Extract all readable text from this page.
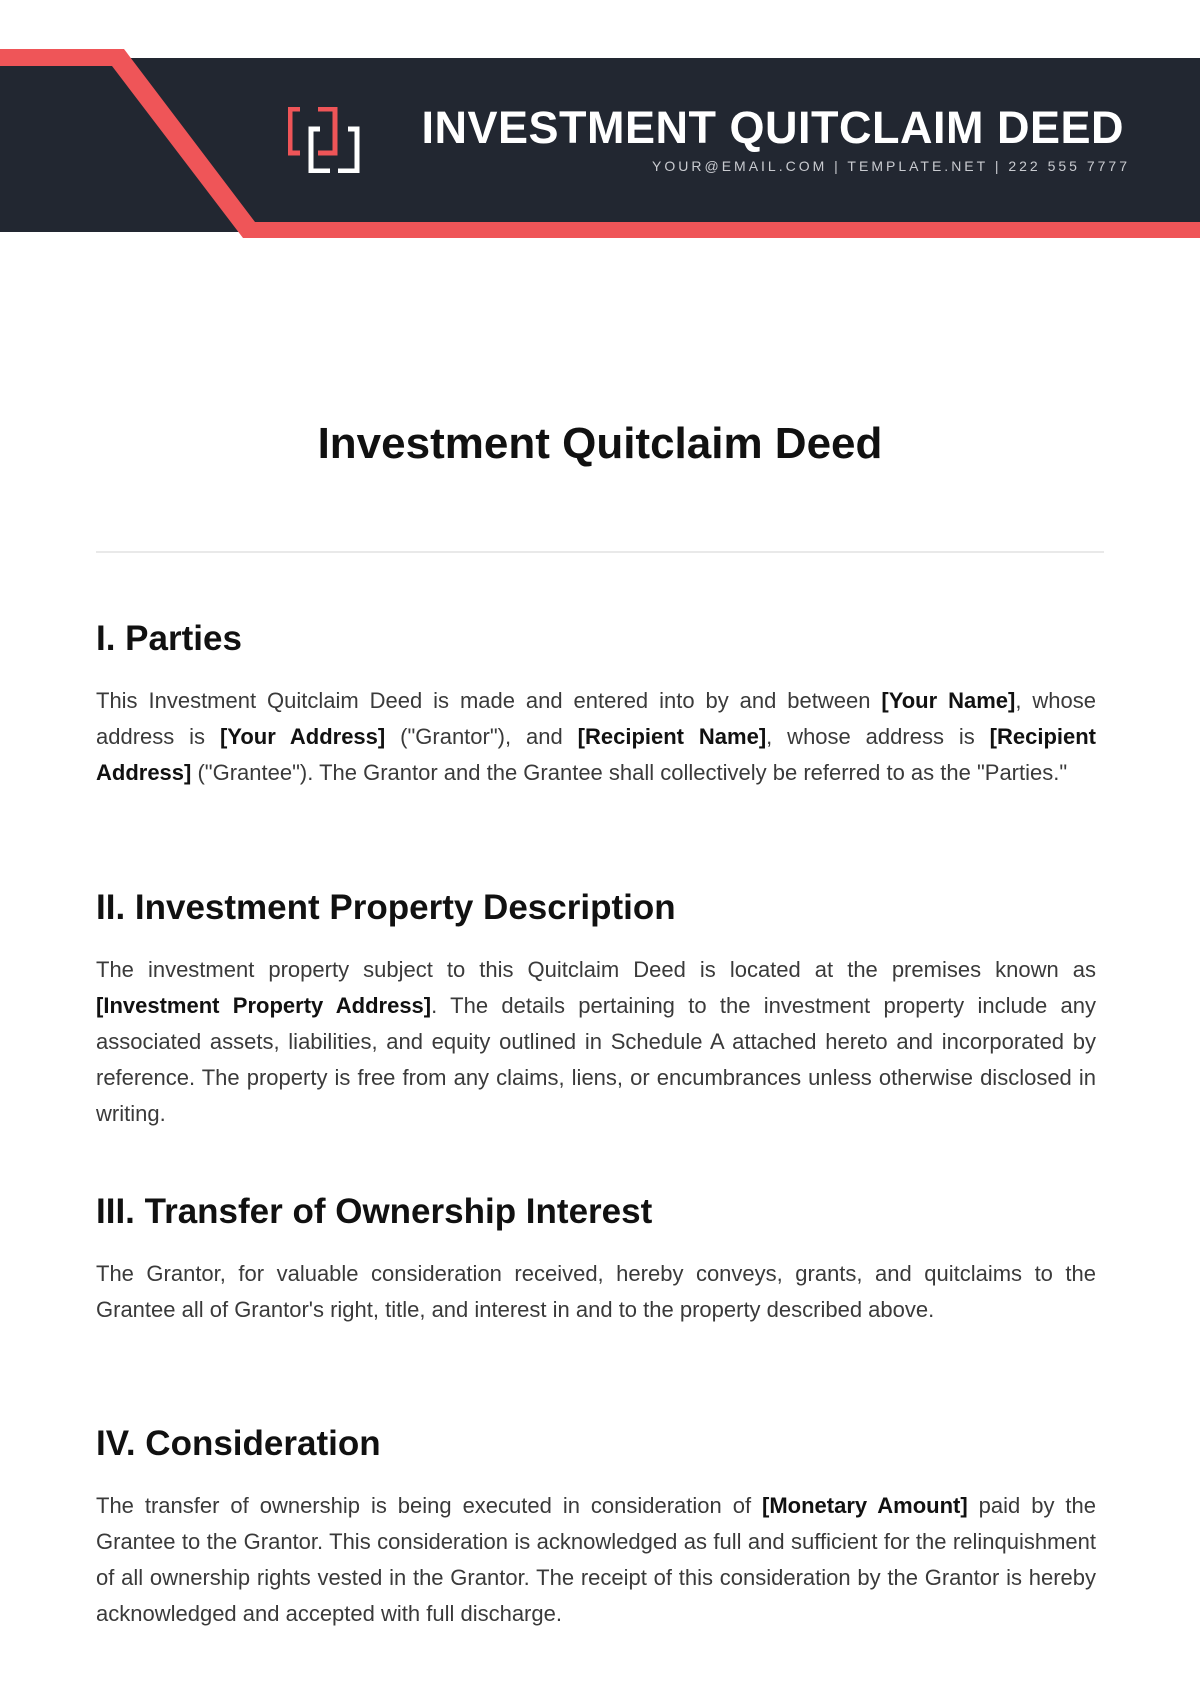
INVESTMENT QUITCLAIM DEED
YOUR@EMAIL.COM | TEMPLATE.NET | 222 555 7777
Investment Quitclaim Deed
I. Parties

This Investment Quitclaim Deed is made and entered into by and between [Your Name], whose address is [Your Address] ("Grantor"), and [Recipient Name], whose address is [Recipient Address] ("Grantee"). The Grantor and the Grantee shall collectively be referred to as the "Parties."

II. Investment Property Description

The investment property subject to this Quitclaim Deed is located at the premises known as [Investment Property Address]. The details pertaining to the investment property include any associated assets, liabilities, and equity outlined in Schedule A attached hereto and incorporated by reference. The property is free from any claims, liens, or encumbrances unless otherwise disclosed in writing.

III. Transfer of Ownership Interest

The Grantor, for valuable consideration received, hereby conveys, grants, and quitclaims to the Grantee all of Grantor's right, title, and interest in and to the property described above.

IV. Consideration

The transfer of ownership is being executed in consideration of [Monetary Amount] paid by the Grantee to the Grantor. This consideration is acknowledged as full and sufficient for the relinquishment of all ownership rights vested in the Grantor. The receipt of this consideration by the Grantor is hereby acknowledged and accepted with full discharge.
